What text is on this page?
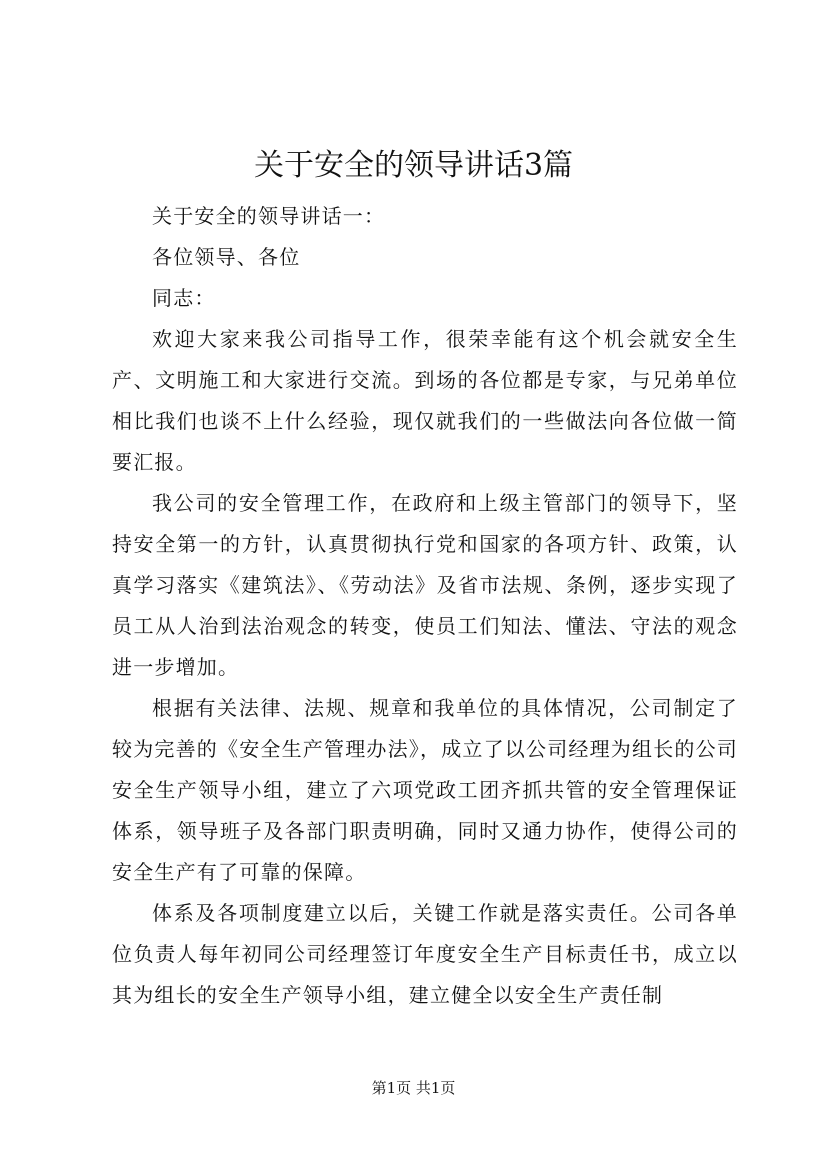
关于安全的领导讲话3篇

关于安全的领导讲话一：

各位领导、各位

同志：

欢迎大家来我公司指导工作，很荣幸能有这个机会就安全生产、文明施工和大家进行交流。到场的各位都是专家，与兄弟单位相比我们也谈不上什么经验，现仅就我们的一些做法向各位做一简要汇报。

我公司的安全管理工作，在政府和上级主管部门的领导下，坚持安全第一的方针，认真贯彻执行党和国家的各项方针、政策，认真学习落实《建筑法》、《劳动法》及省市法规、条例，逐步实现了员工从人治到法治观念的转变，使员工们知法、懂法、守法的观念进一步增加。

根据有关法律、法规、规章和我单位的具体情况，公司制定了较为完善的《安全生产管理办法》，成立了以公司经理为组长的公司安全生产领导小组，建立了六项党政工团齐抓共管的安全管理保证体系，领导班子及各部门职责明确，同时又通力协作，使得公司的安全生产有了可靠的保障。

体系及各项制度建立以后，关键工作就是落实责任。公司各单位负责人每年初同公司经理签订年度安全生产目标责任书，成立以其为组长的安全生产领导小组，建立健全以安全生产责任制

第1页 共1页
